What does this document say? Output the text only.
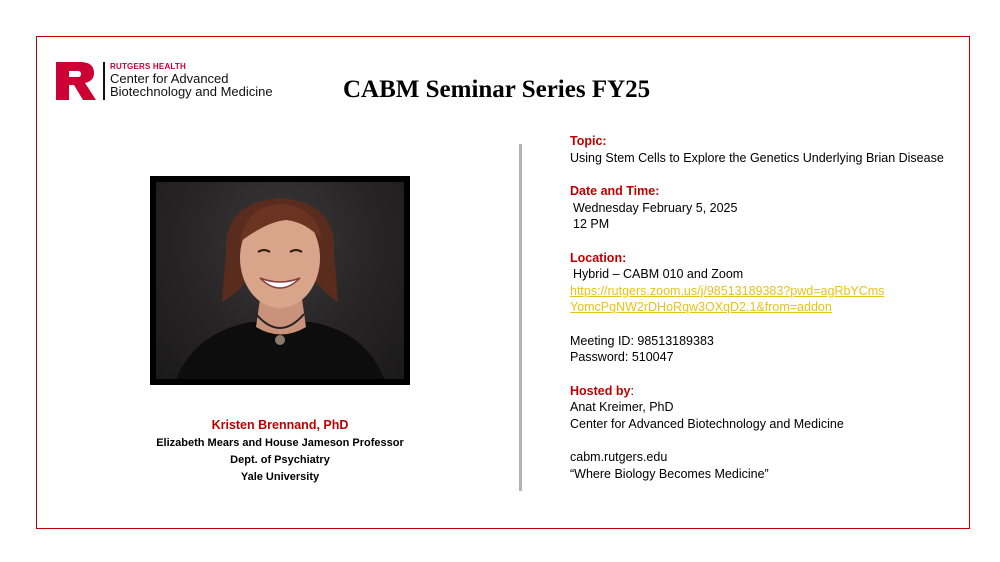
RUTGERS HEALTH
Center for Advanced
Biotechnology and Medicine	CABM Seminar Series FY25
Kristen Brennand, PhD
Elizabeth Mears and House Jameson Professor
Dept. of Psychiatry
Yale University
Topic:
Using Stem Cells to Explore the Genetics Underlying Brian Disease
Date and Time:
Wednesday February 5, 2025
12 PM
Location:
Hybrid – CABM 010 and Zoom
https://rutgers.zoom.us/j/98513189383?pwd=agRbYCms
YomcPqNW2rDHoRqw3OXqD2.1&from=addon
Meeting ID: 98513189383
Password: 510047
Hosted by:
Anat Kreimer, PhD
Center for Advanced Biotechnology and Medicine
cabm.rutgers.edu
“Where Biology Becomes Medicine”
